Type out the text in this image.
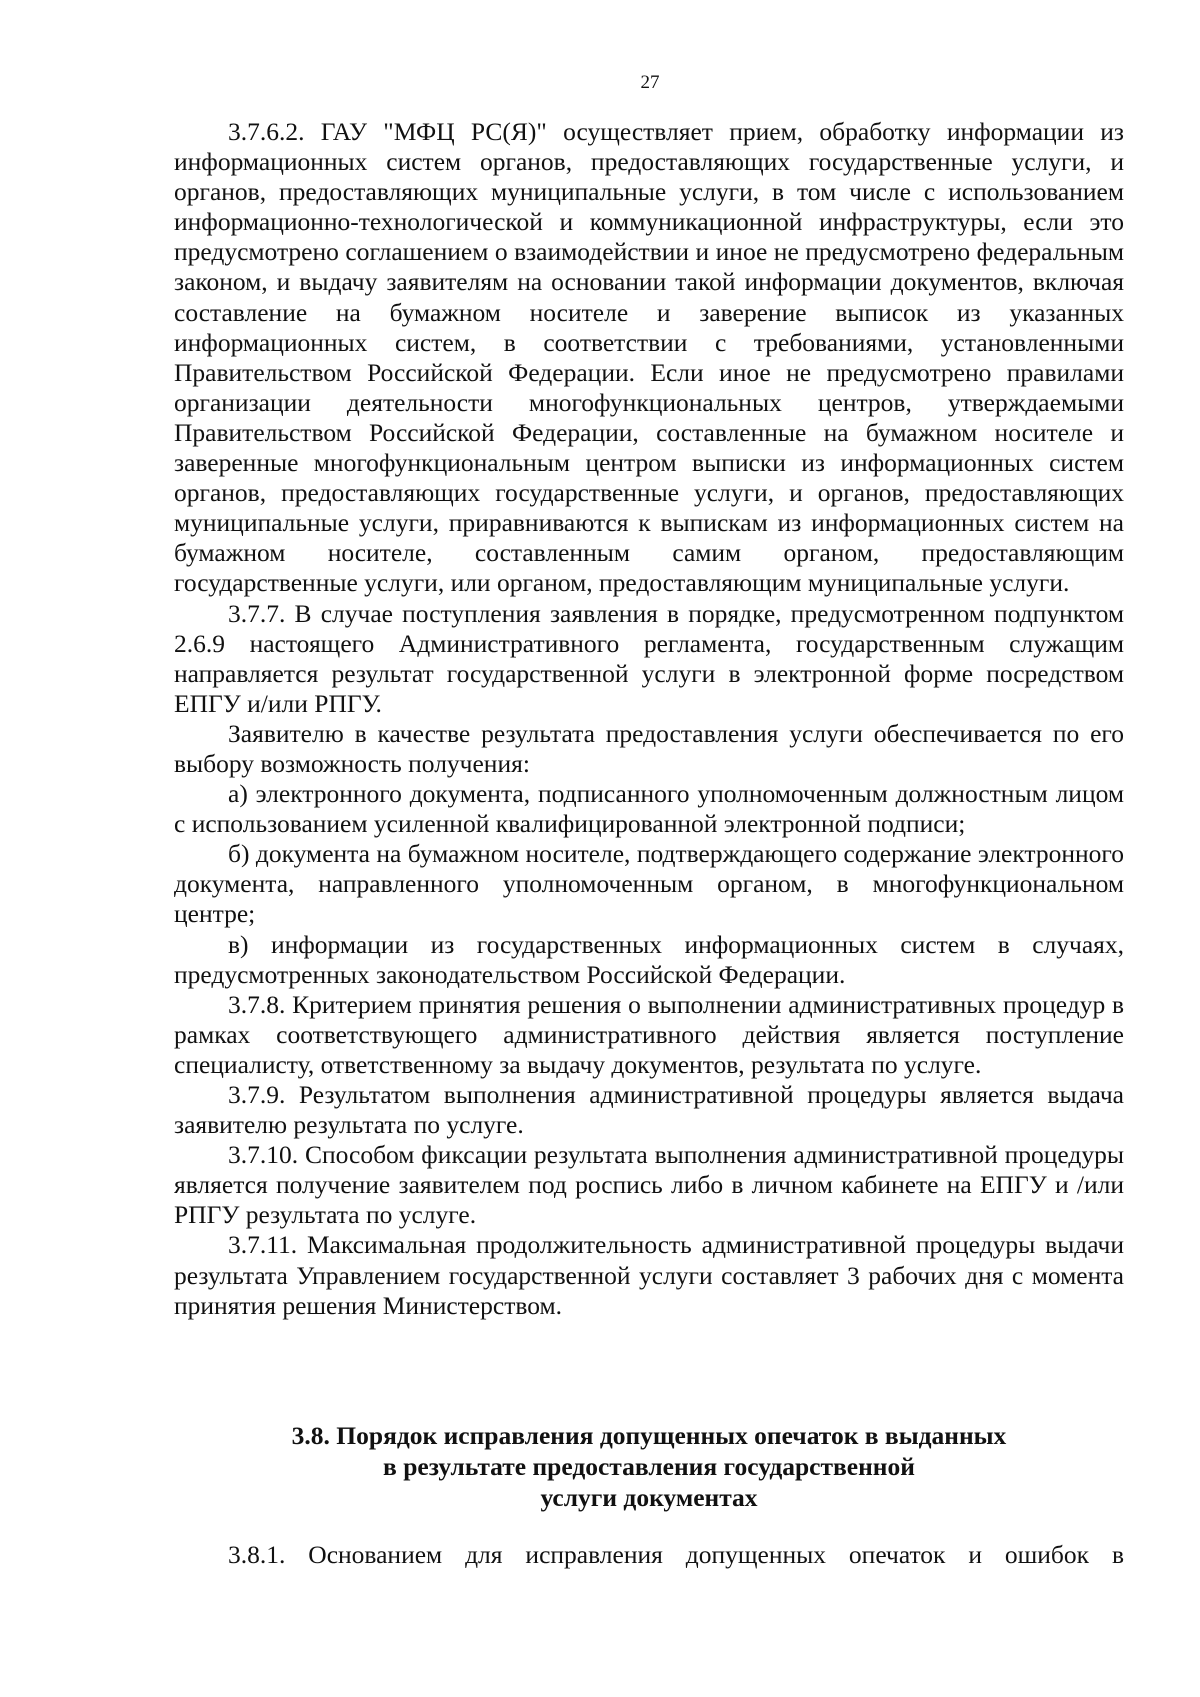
27

3.7.6.2. ГАУ "МФЦ РС(Я)" осуществляет прием, обработку информации из информационных систем органов, предоставляющих государственные услуги, и органов, предоставляющих муниципальные услуги, в том числе с использованием информационно-технологической и коммуникационной инфраструктуры, если это предусмотрено соглашением о взаимодействии и иное не предусмотрено федеральным законом, и выдачу заявителям на основании такой информации документов, включая составление на бумажном носителе и заверение выписок из указанных информационных систем, в соответствии с требованиями, установленными Правительством Российской Федерации. Если иное не предусмотрено правилами организации деятельности многофункциональных центров, утверждаемыми Правительством Российской Федерации, составленные на бумажном носителе и заверенные многофункциональным центром выписки из информационных систем органов, предоставляющих государственные услуги, и органов, предоставляющих муниципальные услуги, приравниваются к выпискам из информационных систем на бумажном носителе, составленным самим органом, предоставляющим государственные услуги, или органом, предоставляющим муниципальные услуги.

3.7.7. В случае поступления заявления в порядке, предусмотренном подпунктом 2.6.9 настоящего Административного регламента, государственным служащим направляется результат государственной услуги в электронной форме посредством ЕПГУ и/или РПГУ.

Заявителю в качестве результата предоставления услуги обеспечивается по его выбору возможность получения:

а) электронного документа, подписанного уполномоченным должностным лицом с использованием усиленной квалифицированной электронной подписи;

б) документа на бумажном носителе, подтверждающего содержание электронного документа, направленного уполномоченным органом, в многофункциональном центре;

в) информации из государственных информационных систем в случаях, предусмотренных законодательством Российской Федерации.

3.7.8. Критерием принятия решения о выполнении административных процедур в рамках соответствующего административного действия является поступление специалисту, ответственному за выдачу документов, результата по услуге.

3.7.9. Результатом выполнения административной процедуры является выдача заявителю результата по услуге.

3.7.10. Способом фиксации результата выполнения административной процедуры является получение заявителем под роспись либо в личном кабинете на ЕПГУ и /или РПГУ результата по услуге.

3.7.11. Максимальная продолжительность административной процедуры выдачи результата Управлением государственной услуги составляет 3 рабочих дня с момента принятия решения Министерством.

3.8. Порядок исправления допущенных опечаток в выданных
в результате предоставления государственной
услуги документах

3.8.1. Основанием для исправления допущенных опечаток и ошибок в
